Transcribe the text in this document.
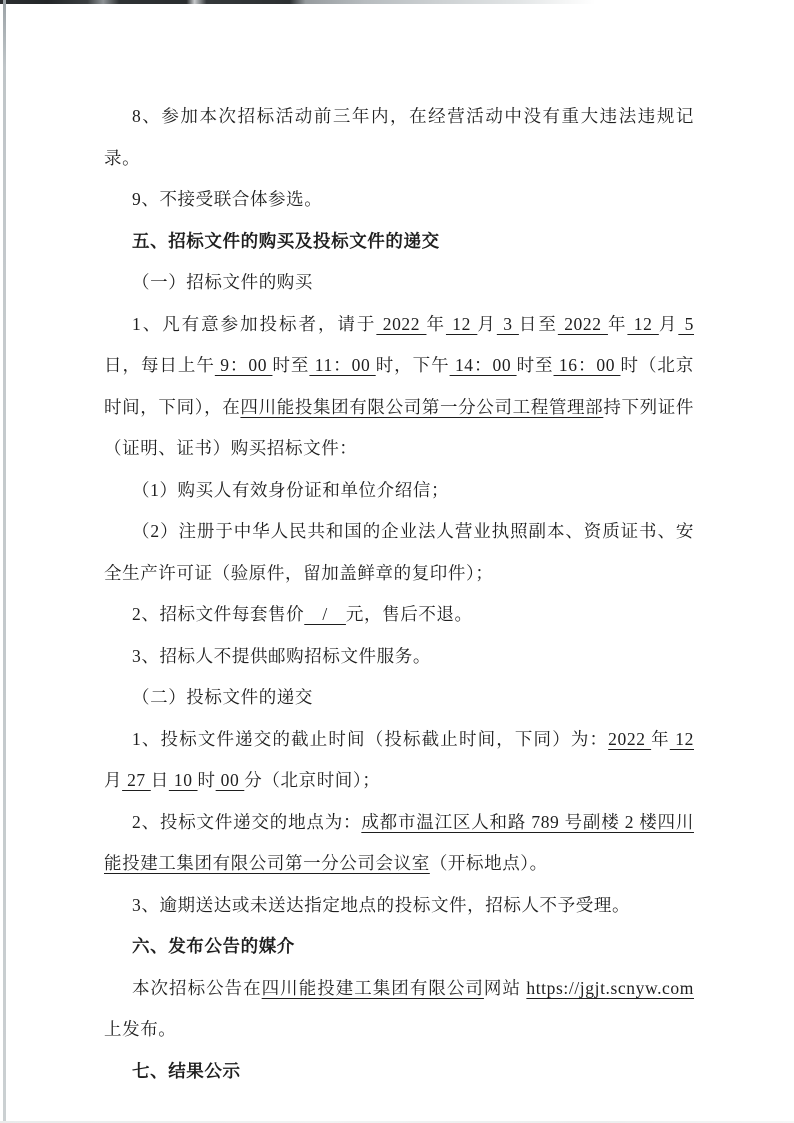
8、参加本次招标活动前三年内，在经营活动中没有重大违法违规记录。

9、不接受联合体参选。

五、招标文件的购买及投标文件的递交

（一）招标文件的购买

1、凡有意参加投标者，请于 2022 年 12 月 3 日至 2022 年 12 月 5 日，每日上午 9：00 时至 11：00 时，下午 14：00 时至 16：00 时（北京时间，下同），在四川能投集团有限公司第一分公司工程管理部持下列证件（证明、证书）购买招标文件：

（1）购买人有效身份证和单位介绍信；

（2）注册于中华人民共和国的企业法人营业执照副本、资质证书、安全生产许可证（验原件，留加盖鲜章的复印件）；

2、招标文件每套售价　/　元，售后不退。

3、招标人不提供邮购招标文件服务。

（二）投标文件的递交

1、投标文件递交的截止时间（投标截止时间，下同）为：2022 年 12 月 27 日 10 时 00 分（北京时间）；

2、投标文件递交的地点为：成都市温江区人和路 789 号副楼 2 楼四川能投建工集团有限公司第一分公司会议室（开标地点）。

3、逾期送达或未送达指定地点的投标文件，招标人不予受理。

六、发布公告的媒介

本次招标公告在四川能投建工集团有限公司网站 https://jgjt.scnyw.com 上发布。

七、结果公示
